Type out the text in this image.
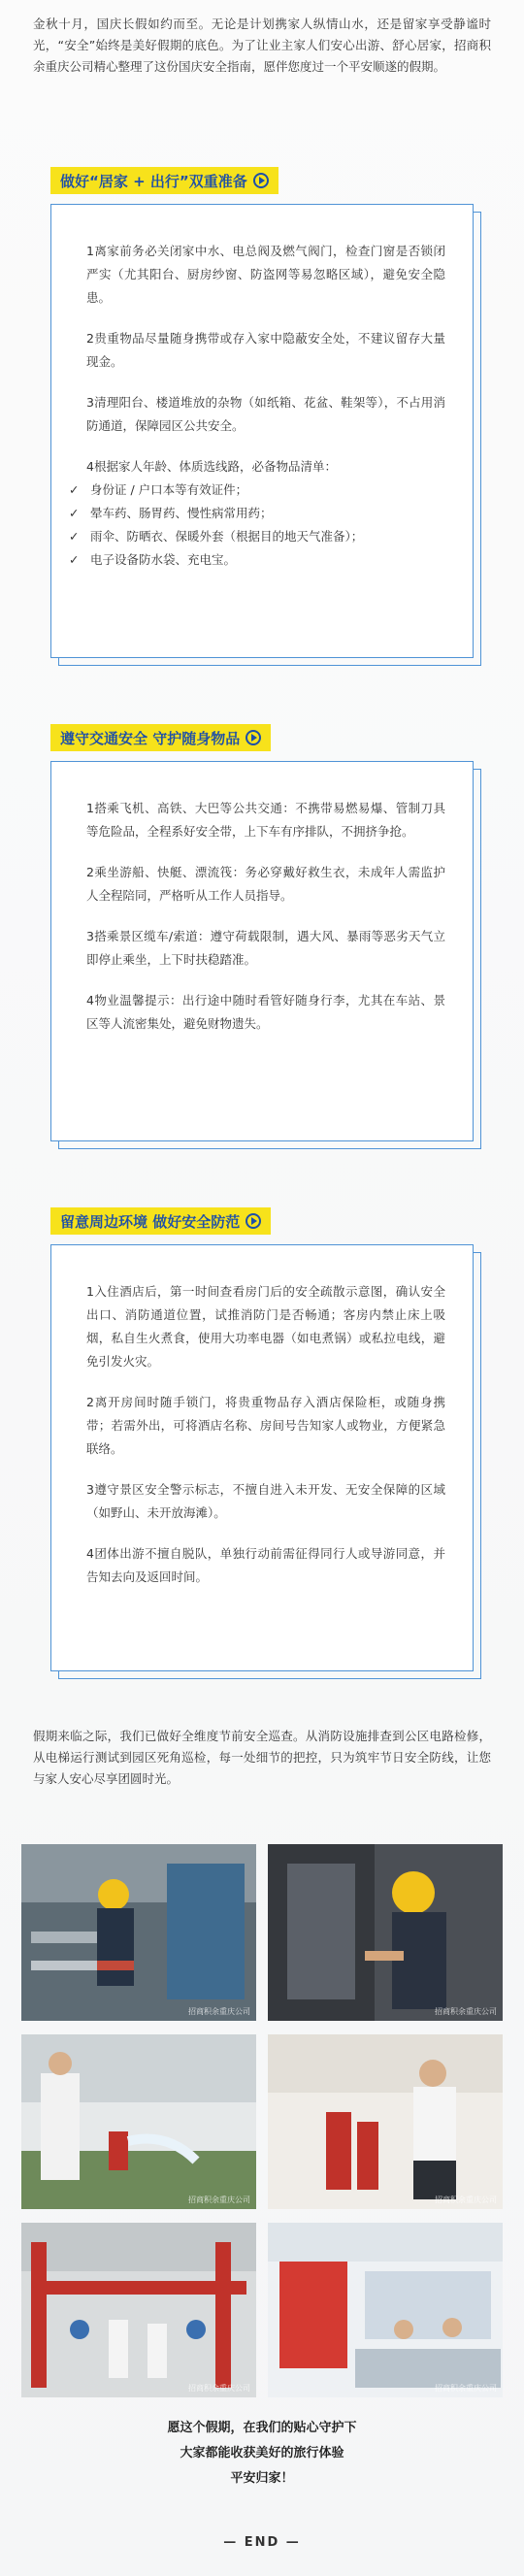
金秋十月，国庆长假如约而至。无论是计划携家人纵情山水，还是留家享受静谧时光，“安全”始终是美好假期的底色。为了让业主家人们安心出游、舒心居家，招商积余重庆公司精心整理了这份国庆安全指南，愿伴您度过一个平安顺遂的假期。

做好“居家 + 出行”双重准备

1离家前务必关闭家中水、电总阀及燃气阀门，检查门窗是否锁闭严实（尤其阳台、厨房纱窗、防盗网等易忽略区域），避免安全隐患。

2贵重物品尽量随身携带或存入家中隐蔽安全处，不建议留存大量现金。

3清理阳台、楼道堆放的杂物（如纸箱、花盆、鞋架等），不占用消防通道，保障园区公共安全。

4根据家人年龄、体质选线路，必备物品清单：

✓ 身份证 / 户口本等有效证件；
✓ 晕车药、肠胃药、慢性病常用药；
✓ 雨伞、防晒衣、保暖外套（根据目的地天气准备）；
✓ 电子设备防水袋、充电宝。
遵守交通安全 守护随身物品

1搭乘飞机、高铁、大巴等公共交通：不携带易燃易爆、管制刀具等危险品，全程系好安全带，上下车有序排队，不拥挤争抢。

2乘坐游船、快艇、漂流筏：务必穿戴好救生衣，未成年人需监护人全程陪同，严格听从工作人员指导。

3搭乘景区缆车/索道：遵守荷载限制，遇大风、暴雨等恶劣天气立即停止乘坐，上下时扶稳踏准。

4物业温馨提示：出行途中随时看管好随身行李，尤其在车站、景区等人流密集处，避免财物遗失。

留意周边环境 做好安全防范

1入住酒店后，第一时间查看房门后的安全疏散示意图，确认安全出口、消防通道位置，试推消防门是否畅通；客房内禁止床上吸烟，私自生火煮食，使用大功率电器（如电煮锅）或私拉电线，避免引发火灾。

2离开房间时随手锁门，将贵重物品存入酒店保险柜，或随身携带；若需外出，可将酒店名称、房间号告知家人或物业，方便紧急联络。

3遵守景区安全警示标志，不擅自进入未开发、无安全保障的区域（如野山、未开放海滩）。

4团体出游不擅自脱队，单独行动前需征得同行人或导游同意，并告知去向及返回时间。

假期来临之际，我们已做好全维度节前安全巡查。从消防设施排查到公区电路检修，从电梯运行测试到园区死角巡检，每一处细节的把控，只为筑牢节日安全防线，让您与家人安心尽享团圆时光。

招商积余重庆公司	招商积余重庆公司
招商积余重庆公司	招商积余重庆公司
招商积余重庆公司	招商积余重庆公司
愿这个假期，在我们的贴心守护下
大家都能收获美好的旅行体验
平安归家！
— END —
